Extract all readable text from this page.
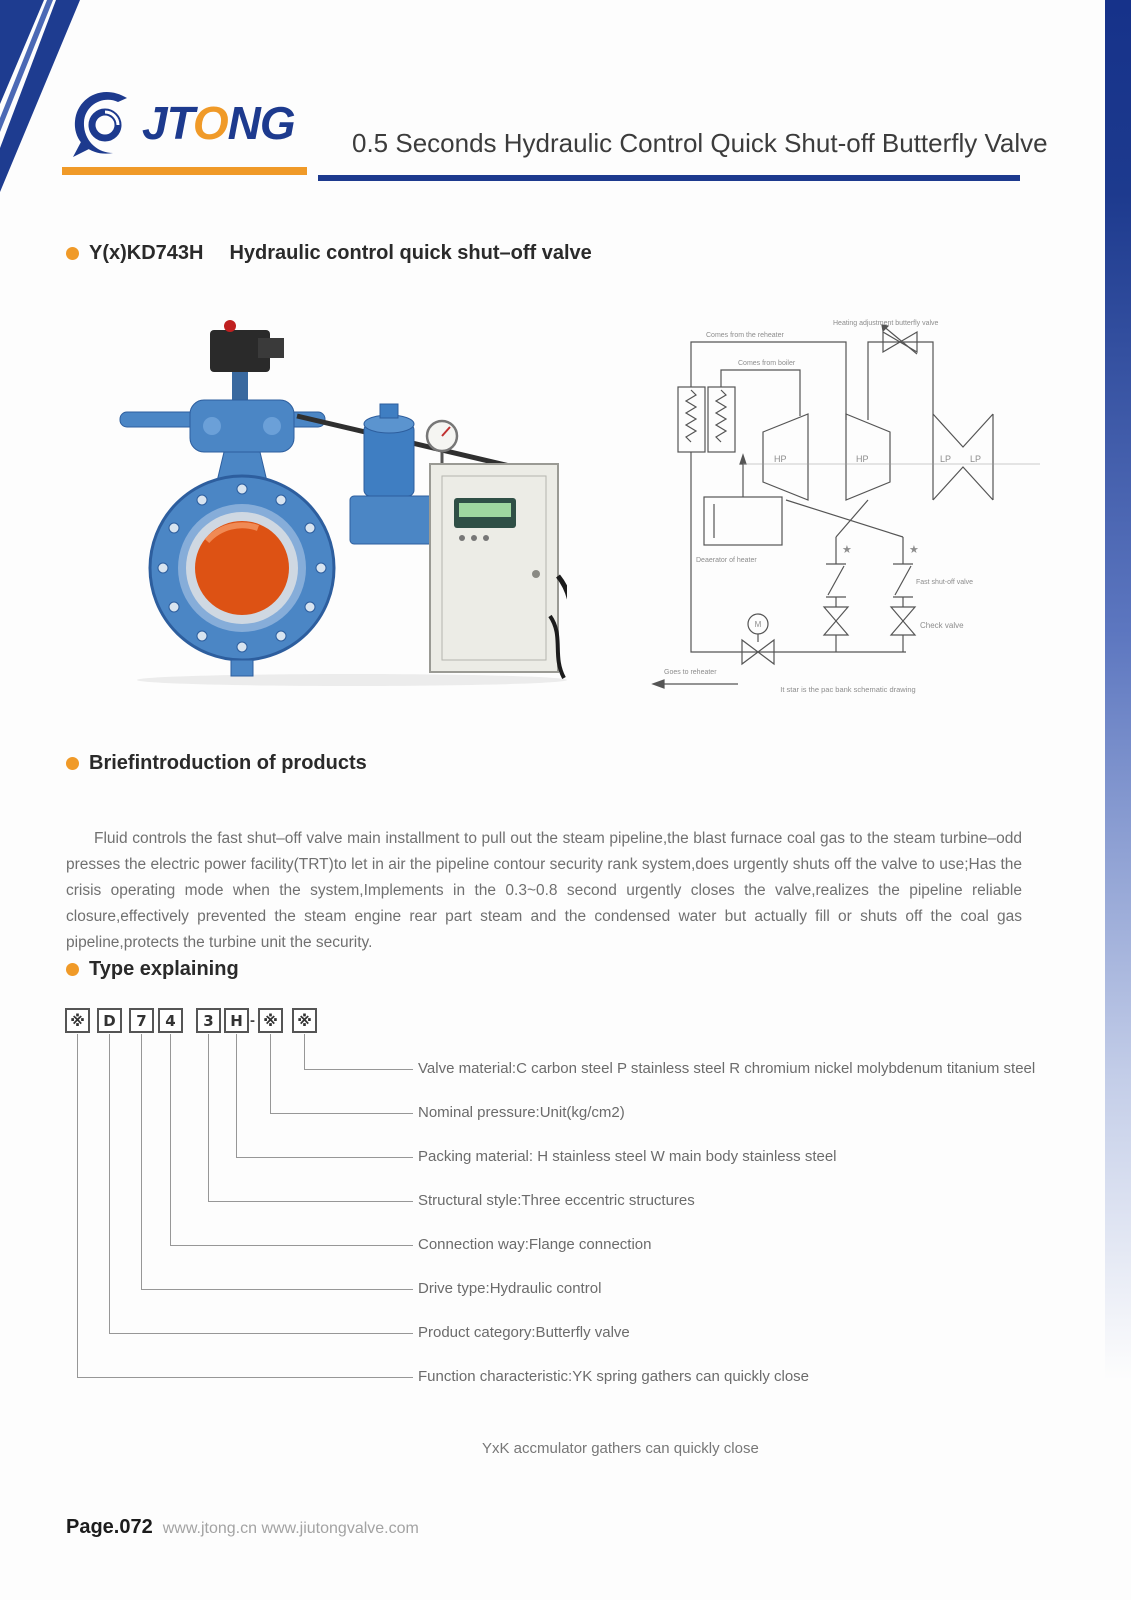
JTONG 0.5 Seconds Hydraulic Control Quick Shut-off Butterfly Valve
Y(x)KD743H Hydraulic control quick shut–off valve
Heating adjustment butterfly valve
Comes from the reheater
Comes from boiler
HP	HP	LP LP
Deaerator of heater
★	★
Fast shut-off valve
Check valve
M
Goes to reheater
It star is the pac bank schematic drawing
Briefintroduction of products

Fluid controls the fast shut–off valve main installment to pull out the steam pipeline,the blast furnace coal gas to the steam turbine–odd presses the electric power facility(TRT)to let in air the pipeline contour security rank system,does urgently shuts off the valve to use;Has the crisis operating mode when the system,Implements in the 0.3~0.8 second urgently closes the valve,realizes the pipeline reliable closure,effectively prevented the steam engine rear part steam and the condensed water but actually fill or shuts off the coal gas pipeline,protects the turbine unit the security.

Type explaining
※	D	7	4	3	H - ※	※
Valve material:C carbon steel P stainless steel R chromium nickel molybdenum titanium steel
Nominal pressure:Unit(kg/cm2)
Packing material: H stainless steel W main body stainless steel
Structural style:Three eccentric structures
Connection way:Flange connection
Drive type:Hydraulic control
Product category:Butterfly valve
Function characteristic:YK spring gathers can quickly close
YxK accmulator gathers can quickly close
Page.072 www.jtong.cn www.jiutongvalve.com
